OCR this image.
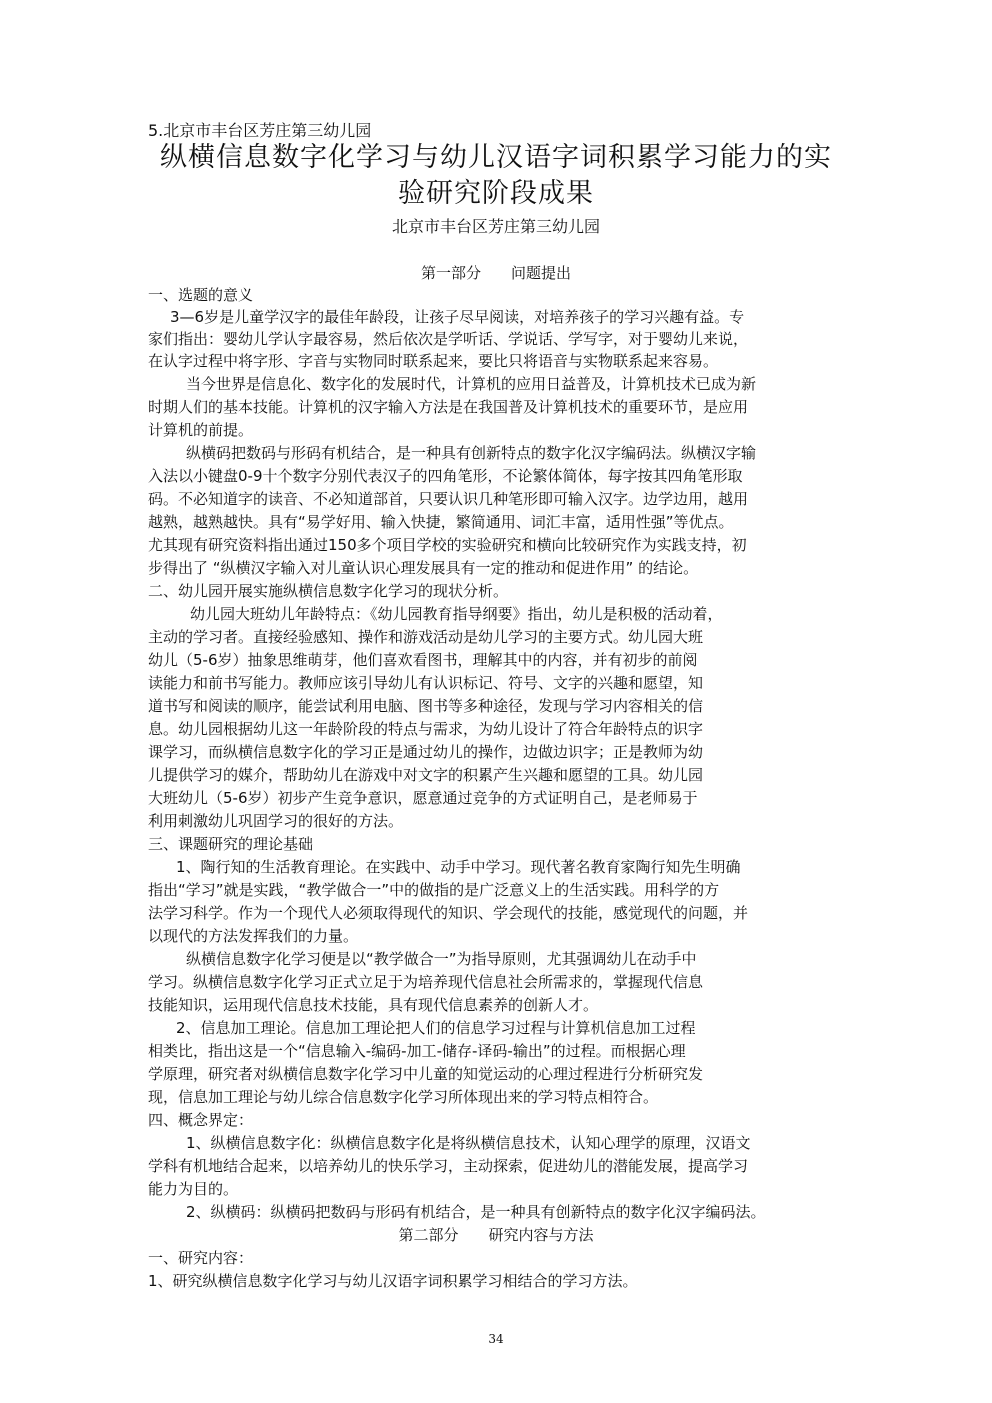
5.北京市丰台区芳庄第三幼儿园
纵横信息数字化学习与幼儿汉语字词积累学习能力的实
验研究阶段成果
北京市丰台区芳庄第三幼儿园
第一部分　　问题提出
一、选题的意义
3—6岁是儿童学汉字的最佳年龄段，让孩子尽早阅读，对培养孩子的学习兴趣有益。专
家们指出：婴幼儿学认字最容易，然后依次是学听话、学说话、学写字，对于婴幼儿来说，
在认字过程中将字形、字音与实物同时联系起来，要比只将语音与实物联系起来容易。
当今世界是信息化、数字化的发展时代，计算机的应用日益普及，计算机技术已成为新
时期人们的基本技能。计算机的汉字输入方法是在我国普及计算机技术的重要环节，是应用
计算机的前提。
纵横码把数码与形码有机结合，是一种具有创新特点的数字化汉字编码法。纵横汉字输
入法以小键盘0-9十个数字分别代表汉子的四角笔形，不论繁体简体，每字按其四角笔形取
码。不必知道字的读音、不必知道部首，只要认识几种笔形即可输入汉字。边学边用，越用
越熟，越熟越快。具有“易学好用、输入快捷，繁简通用、词汇丰富，适用性强”等优点。
尤其现有研究资料指出通过150多个项目学校的实验研究和横向比较研究作为实践支持，初
步得出了 “纵横汉字输入对儿童认识心理发展具有一定的推动和促进作用” 的结论。
二、幼儿园开展实施纵横信息数字化学习的现状分析。
幼儿园大班幼儿年龄特点：《幼儿园教育指导纲要》指出，幼儿是积极的活动着，
主动的学习者。直接经验感知、操作和游戏活动是幼儿学习的主要方式。幼儿园大班
幼儿（5-6岁）抽象思维萌芽，他们喜欢看图书，理解其中的内容，并有初步的前阅
读能力和前书写能力。教师应该引导幼儿有认识标记、符号、文字的兴趣和愿望，知
道书写和阅读的顺序，能尝试利用电脑、图书等多种途径，发现与学习内容相关的信
息。幼儿园根据幼儿这一年龄阶段的特点与需求，为幼儿设计了符合年龄特点的识字
课学习，而纵横信息数字化的学习正是通过幼儿的操作，边做边识字；正是教师为幼
儿提供学习的媒介，帮助幼儿在游戏中对文字的积累产生兴趣和愿望的工具。幼儿园
大班幼儿（5-6岁）初步产生竞争意识，愿意通过竞争的方式证明自己，是老师易于
利用刺激幼儿巩固学习的很好的方法。
三、课题研究的理论基础
1、陶行知的生活教育理论。在实践中、动手中学习。现代著名教育家陶行知先生明确
指出“学习”就是实践，“教学做合一”中的做指的是广泛意义上的生活实践。用科学的方
法学习科学。作为一个现代人必须取得现代的知识、学会现代的技能，感觉现代的问题，并
以现代的方法发挥我们的力量。
纵横信息数字化学习便是以“教学做合一”为指导原则，尤其强调幼儿在动手中
学习。纵横信息数字化学习正式立足于为培养现代信息社会所需求的，掌握现代信息
技能知识，运用现代信息技术技能，具有现代信息素养的创新人才。
2、信息加工理论。信息加工理论把人们的信息学习过程与计算机信息加工过程
相类比，指出这是一个“信息输入-编码-加工-储存-译码-输出”的过程。而根据心理
学原理，研究者对纵横信息数字化学习中儿童的知觉运动的心理过程进行分析研究发
现，信息加工理论与幼儿综合信息数字化学习所体现出来的学习特点相符合。
四、概念界定：
1、纵横信息数字化：纵横信息数字化是将纵横信息技术，认知心理学的原理，汉语文
学科有机地结合起来，以培养幼儿的快乐学习，主动探索，促进幼儿的潜能发展，提高学习
能力为目的。
2、纵横码：纵横码把数码与形码有机结合，是一种具有创新特点的数字化汉字编码法。
第二部分　　研究内容与方法
一、研究内容：
1、研究纵横信息数字化学习与幼儿汉语字词积累学习相结合的学习方法。
34
